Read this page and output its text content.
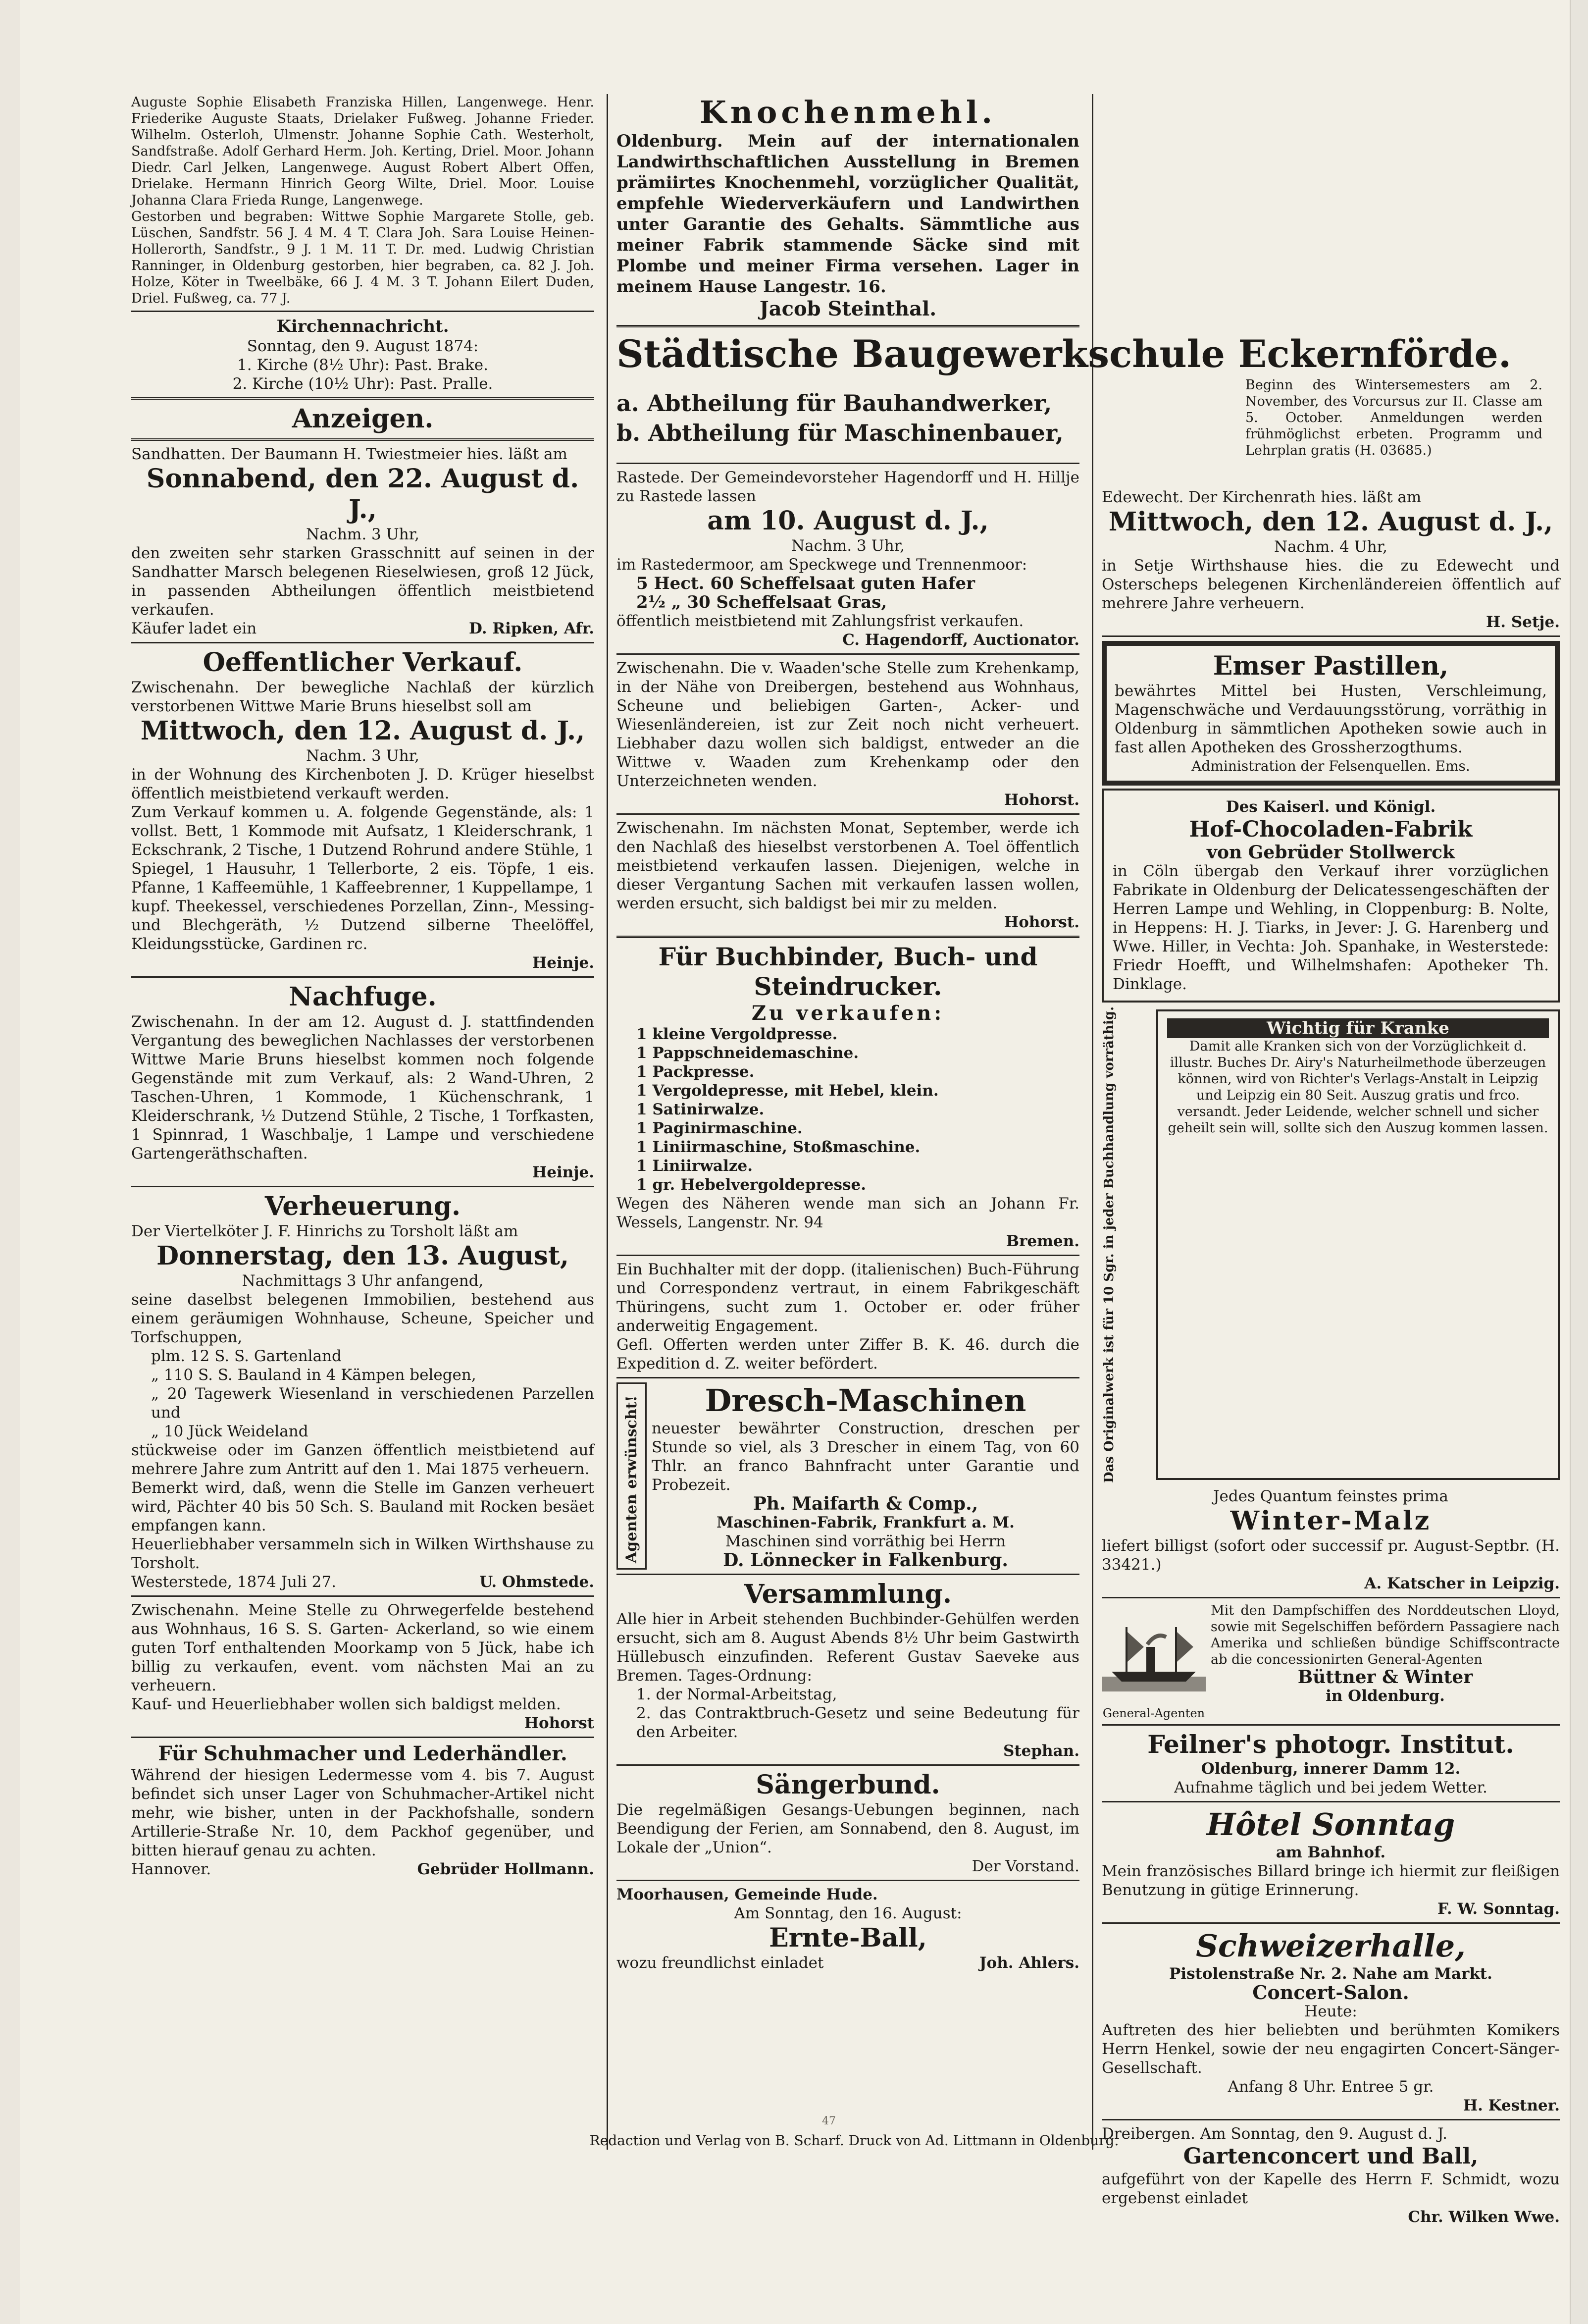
Auguste Sophie Elisabeth Franziska Hillen, Langenwege. Henr. Friederike Auguste Staats, Drielaker Fußweg. Johanne Frieder. Wilhelm. Osterloh, Ulmenstr. Johanne Sophie Cath. Westerholt, Sandfstraße. Adolf Gerhard Herm. Joh. Kerting, Driel. Moor. Johann Diedr. Carl Jelken, Langenwege. August Robert Albert Offen, Drielake. Hermann Hinrich Georg Wilte, Driel. Moor. Louise Johanna Clara Frieda Runge, Langenwege.

Gestorben und begraben: Wittwe Sophie Margarete Stolle, geb. Lüschen, Sandfstr. 56 J. 4 M. 4 T. Clara Joh. Sara Louise Heinen-Hollerorth, Sandfstr., 9 J. 1 M. 11 T. Dr. med. Ludwig Christian Ranninger, in Oldenburg gestorben, hier begraben, ca. 82 J. Joh. Holze, Köter in Tweelbäke, 66 J. 4 M. 3 T. Johann Eilert Duden, Driel. Fußweg, ca. 77 J.

Kirchennachricht.

Sonntag, den 9. August 1874:

1. Kirche (8½ Uhr): Past. Brake.

2. Kirche (10½ Uhr): Past. Pralle.

Anzeigen.

Sandhatten. Der Baumann H. Twiestmeier hies. läßt am

Sonnabend, den 22. August d. J.,

Nachm. 3 Uhr,

den zweiten sehr starken Grasschnitt auf seinen in der Sandhatter Marsch belegenen Rieselwiesen, groß 12 Jück, in passenden Abtheilungen öffentlich meistbietend verkaufen.

Käufer ladet ein	D. Ripken, Afr.

Oeffentlicher Verkauf.

Zwischenahn. Der bewegliche Nachlaß der kürzlich verstorbenen Wittwe Marie Bruns hieselbst soll am

Mittwoch, den 12. August d. J.,

Nachm. 3 Uhr,

in der Wohnung des Kirchenboten J. D. Krüger hieselbst öffentlich meistbietend verkauft werden.

Zum Verkauf kommen u. A. folgende Gegenstände, als: 1 vollst. Bett, 1 Kommode mit Aufsatz, 1 Kleiderschrank, 1 Eckschrank, 2 Tische, 1 Dutzend Rohrund andere Stühle, 1 Spiegel, 1 Hausuhr, 1 Tellerborte, 2 eis. Töpfe, 1 eis. Pfanne, 1 Kaffeemühle, 1 Kaffeebrenner, 1 Kuppellampe, 1 kupf. Theekessel, verschiedenes Porzellan, Zinn-, Messing- und Blechgeräth, ½ Dutzend silberne Theelöffel, Kleidungsstücke, Gardinen rc.

Heinje.

Nachfuge.

Zwischenahn. In der am 12. August d. J. stattfindenden Vergantung des beweglichen Nachlasses der verstorbenen Wittwe Marie Bruns hieselbst kommen noch folgende Gegenstände mit zum Verkauf, als: 2 Wand-Uhren, 2 Taschen-Uhren, 1 Kommode, 1 Küchenschrank, 1 Kleiderschrank, ½ Dutzend Stühle, 2 Tische, 1 Torfkasten, 1 Spinnrad, 1 Waschbalje, 1 Lampe und verschiedene Gartengeräthschaften.

Heinje.

Verheuerung.

Der Viertelköter J. F. Hinrichs zu Torsholt läßt am

Donnerstag, den 13. August,

Nachmittags 3 Uhr anfangend,

seine daselbst belegenen Immobilien, bestehend aus einem geräumigen Wohnhause, Scheune, Speicher und Torfschuppen,

plm. 12 S. S. Gartenland

„ 110 S. S. Bauland in 4 Kämpen belegen,

„ 20 Tagewerk Wiesenland in verschiedenen Parzellen und

„ 10 Jück Weideland

stückweise oder im Ganzen öffentlich meistbietend auf mehrere Jahre zum Antritt auf den 1. Mai 1875 verheuern.

Bemerkt wird, daß, wenn die Stelle im Ganzen verheuert wird, Pächter 40 bis 50 Sch. S. Bauland mit Rocken besäet empfangen kann.

Heuerliebhaber versammeln sich in Wilken Wirthshause zu Torsholt.

Westerstede, 1874 Juli 27.	U. Ohmstede.

Zwischenahn. Meine Stelle zu Ohrwegerfelde bestehend aus Wohnhaus, 16 S. S. Garten- Ackerland, so wie einem guten Torf enthaltenden Moorkamp von 5 Jück, habe ich billig zu verkaufen, event. vom nächsten Mai an zu verheuern.

Kauf- und Heuerliebhaber wollen sich baldigst melden.

Hohorst

Für Schuhmacher und Lederhändler.

Während der hiesigen Ledermesse vom 4. bis 7. August befindet sich unser Lager von Schuhmacher-Artikel nicht mehr, wie bisher, unten in der Packhofshalle, sondern Artillerie-Straße Nr. 10, dem Packhof gegenüber, und bitten hierauf genau zu achten.

Hannover.	Gebrüder Hollmann.

Knochenmehl.

Oldenburg. Mein auf der internationalen Landwirthschaftlichen Ausstellung in Bremen prämiirtes Knochenmehl, vorzüglicher Qualität, empfehle Wiederverkäufern und Landwirthen unter Garantie des Gehalts. Sämmtliche aus meiner Fabrik stammende Säcke sind mit Plombe und meiner Firma versehen. Lager in meinem Hause Langestr. 16.

Jacob Steinthal.

Städtische Baugewerkschule Eckernförde.

a. Abtheilung für Bauhandwerker,

b. Abtheilung für Maschinenbauer,

Beginn des Wintersemesters am 2. November, des Vorcursus zur II. Classe am 5. October. Anmeldungen werden frühmöglichst erbeten. Programm und Lehrplan gratis (H. 03685.)

Rastede. Der Gemeindevorsteher Hagendorff und H. Hillje zu Rastede lassen

am 10. August d. J.,

Nachm. 3 Uhr,

im Rastedermoor, am Speckwege und Trennenmoor:

5 Hect. 60 Scheffelsaat guten Hafer

2½ „ 30 Scheffelsaat Gras,

öffentlich meistbietend mit Zahlungsfrist verkaufen.

C. Hagendorff, Auctionator.

Zwischenahn. Die v. Waaden'sche Stelle zum Krehenkamp, in der Nähe von Dreibergen, bestehend aus Wohnhaus, Scheune und beliebigen Garten-, Acker- und Wiesenländereien, ist zur Zeit noch nicht verheuert. Liebhaber dazu wollen sich baldigst, entweder an die Wittwe v. Waaden zum Krehenkamp oder den Unterzeichneten wenden.

Hohorst.

Zwischenahn. Im nächsten Monat, September, werde ich den Nachlaß des hieselbst verstorbenen A. Toel öffentlich meistbietend verkaufen lassen. Diejenigen, welche in dieser Vergantung Sachen mit verkaufen lassen wollen, werden ersucht, sich baldigst bei mir zu melden.

Hohorst.

Für Buchbinder, Buch- und Steindrucker.

Zu verkaufen:

1 kleine Vergoldpresse.

1 Pappschneidemaschine.

1 Packpresse.

1 Vergoldepresse, mit Hebel, klein.

1 Satinirwalze.

1 Paginirmaschine.

1 Liniirmaschine, Stoßmaschine.

1 Liniirwalze.

1 gr. Hebelvergoldepresse.

Wegen des Näheren wende man sich an Johann Fr. Wessels, Langenstr. Nr. 94

Bremen.

Ein Buchhalter mit der dopp. (italienischen) Buch-Führung und Correspondenz vertraut, in einem Fabrikgeschäft Thüringens, sucht zum 1. October er. oder früher anderweitig Engagement.

Gefl. Offerten werden unter Ziffer B. K. 46. durch die Expedition d. Z. weiter befördert.

Agenten erwünscht!	Dresch-Maschinen

neuester bewährter Construction, dreschen per Stunde so viel, als 3 Drescher in einem Tag, von 60 Thlr. an franco Bahnfracht unter Garantie und Probezeit.

Ph. Maifarth & Comp.,

Maschinen-Fabrik, Frankfurt a. M.

Maschinen sind vorräthig bei Herrn

D. Lönnecker in Falkenburg.

Versammlung.

Alle hier in Arbeit stehenden Buchbinder-Gehülfen werden ersucht, sich am 8. August Abends 8½ Uhr beim Gastwirth Hüllebusch einzufinden. Referent Gustav Saeveke aus Bremen. Tages-Ordnung:

1. der Normal-Arbeitstag,

2. das Contraktbruch-Gesetz und seine Bedeutung für den Arbeiter.

Stephan.

Sängerbund.

Die regelmäßigen Gesangs-Uebungen beginnen, nach Beendigung der Ferien, am Sonnabend, den 8. August, im Lokale der „Union“.

Der Vorstand.

Moorhausen, Gemeinde Hude.

Am Sonntag, den 16. August:

Ernte-Ball,

wozu freundlichst einladet	Joh. Ahlers.

Edewecht. Der Kirchenrath hies. läßt am

Mittwoch, den 12. August d. J.,

Nachm. 4 Uhr,

in Setje Wirthshause hies. die zu Edewecht und Osterscheps belegenen Kirchenländereien öffentlich auf mehrere Jahre verheuern.

H. Setje.

Emser Pastillen,

bewährtes Mittel bei Husten, Verschleimung, Magenschwäche und Verdauungsstörung, vorräthig in Oldenburg in sämmtlichen Apotheken sowie auch in fast allen Apotheken des Grossherzogthums.

Administration der Felsenquellen. Ems.

Des Kaiserl. und Königl.

Hof-Chocoladen-Fabrik

von Gebrüder Stollwerck

in Cöln übergab den Verkauf ihrer vorzüglichen Fabrikate in Oldenburg der Delicatessengeschäften der Herren Lampe und Wehling, in Cloppenburg: B. Nolte, in Heppens: H. J. Tiarks, in Jever: J. G. Harenberg und Wwe. Hiller, in Vechta: Joh. Spanhake, in Westerstede: Friedr Hoefft, und Wilhelmshafen: Apotheker Th. Dinklage.

Das Originalwerk ist für 10 Sgr. in jeder Buchhandlung vorräthig.	Wichtig für Kranke

Damit alle Kranken sich von der Vorzüglichkeit d. illustr. Buches Dr. Airy's Naturheilmethode überzeugen können, wird von Richter's Verlags-Anstalt in Leipzig und Leipzig ein 80 Seit. Auszug gratis und frco. versandt. Jeder Leidende, welcher schnell und sicher geheilt sein will, sollte sich den Auszug kommen lassen.

Jedes Quantum feinstes prima

Winter-Malz

liefert billigst (sofort oder successif pr. August-Septbr. (H. 33421.)

A. Katscher in Leipzig.

General-Agenten

Mit den Dampfschiffen des Norddeutschen Lloyd, sowie mit Segelschiffen befördern Passagiere nach Amerika und schließen bündige Schiffscontracte ab die concessionirten General-Agenten

Büttner & Winter

in Oldenburg.

Feilner's photogr. Institut.

Oldenburg, innerer Damm 12.

Aufnahme täglich und bei jedem Wetter.

Hôtel Sonntag

am Bahnhof.

Mein französisches Billard bringe ich hiermit zur fleißigen Benutzung in gütige Erinnerung.

F. W. Sonntag.

Schweizerhalle,

Pistolenstraße Nr. 2. Nahe am Markt.

Concert-Salon.

Heute:

Auftreten des hier beliebten und berühmten Komikers Herrn Henkel, sowie der neu engagirten Concert-Sänger-Gesellschaft.

Anfang 8 Uhr. Entree 5 gr.

H. Kestner.

Dreibergen. Am Sonntag, den 9. August d. J.

Gartenconcert und Ball,

aufgeführt von der Kapelle des Herrn F. Schmidt, wozu ergebenst einladet

Chr. Wilken Wwe.

47
Redaction und Verlag von B. Scharf. Druck von Ad. Littmann in Oldenburg.
